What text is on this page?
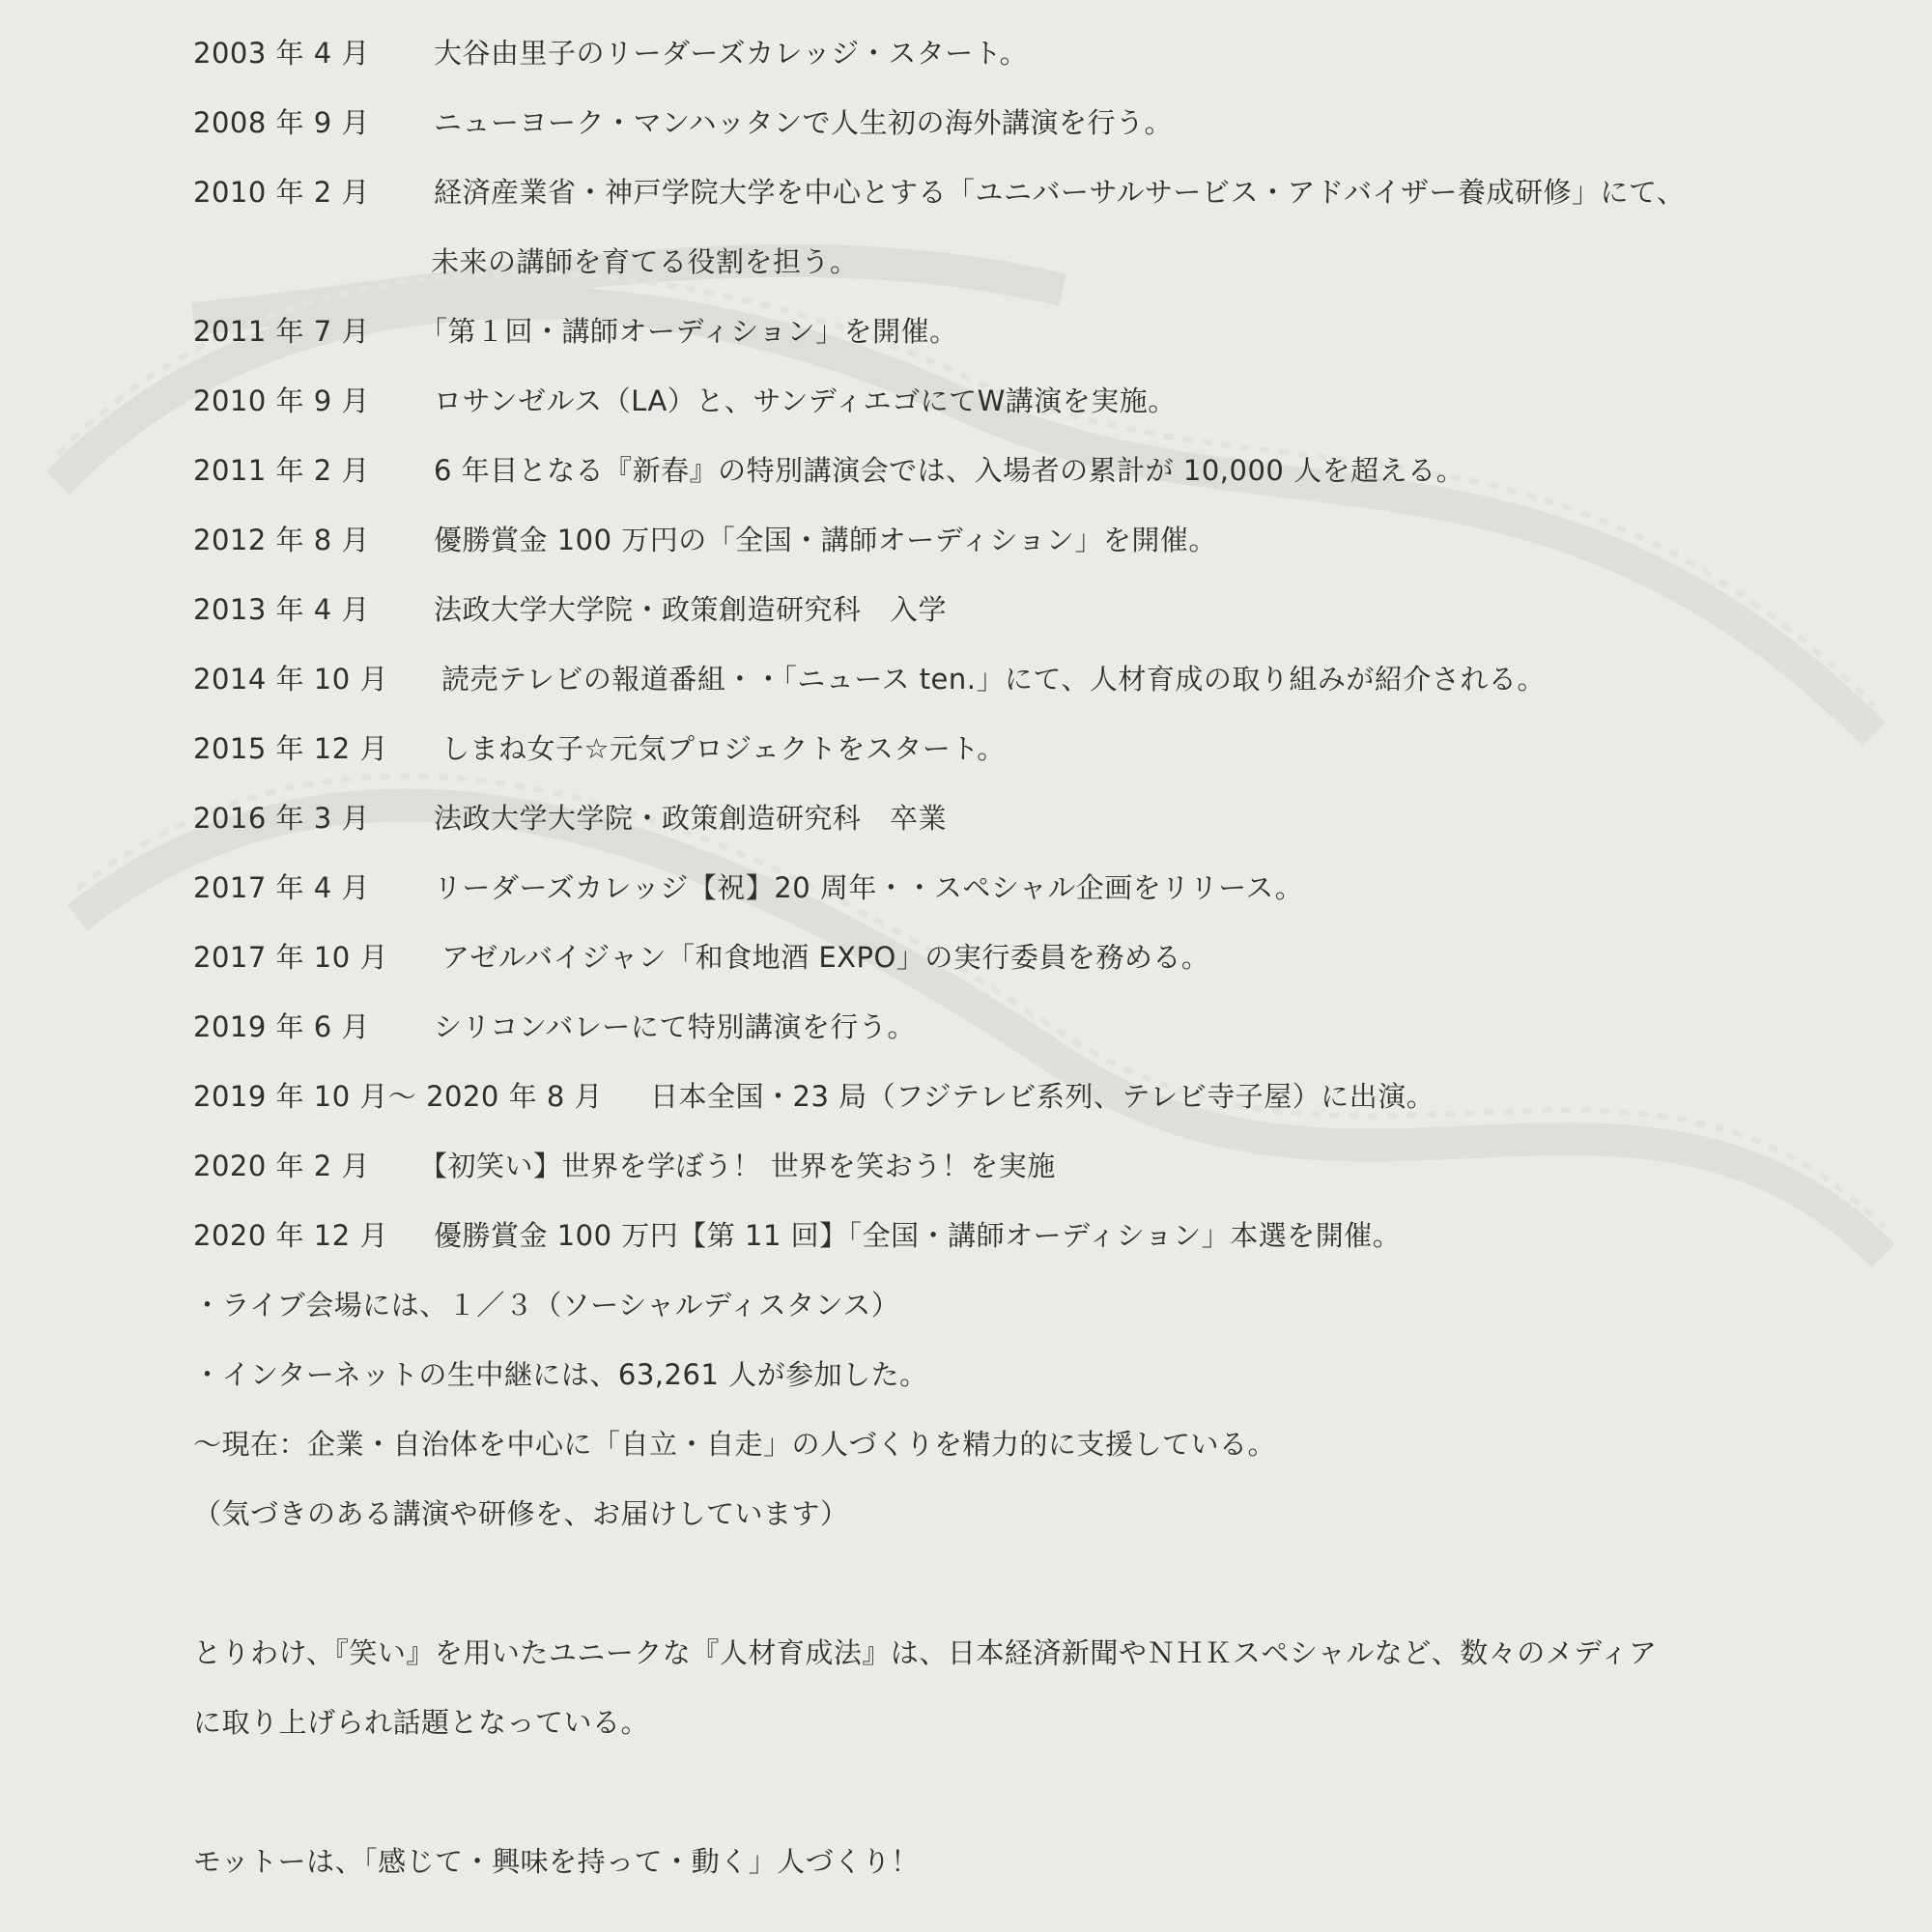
2003 年 4 月 大谷由里子のリーダーズカレッジ・スタート。
2008 年 9 月 ニューヨーク・マンハッタンで人生初の海外講演を行う。
2010 年 2 月 経済産業省・神戸学院大学を中心とする「ユニバーサルサービス・アドバイザー養成研修」にて、
未来の講師を育てる役割を担う。
2011 年 7 月 「第１回・講師オーディション」を開催。
2010 年 9 月 ロサンゼルス（LA）と、サンディエゴにてW講演を実施。
2011 年 2 月 6 年目となる『新春』の特別講演会では、入場者の累計が 10,000 人を超える。
2012 年 8 月 優勝賞金 100 万円の「全国・講師オーディション」を開催。
2013 年 4 月 法政大学大学院・政策創造研究科　入学
2014 年 10 月 読売テレビの報道番組・・「ニュース ten.」にて、人材育成の取り組みが紹介される。
2015 年 12 月 しまね女子☆元気プロジェクトをスタート。
2016 年 3 月 法政大学大学院・政策創造研究科　卒業
2017 年 4 月 リーダーズカレッジ【祝】20 周年・・スペシャル企画をリリース。
2017 年 10 月 アゼルバイジャン「和食地酒 EXPO」の実行委員を務める。
2019 年 6 月 シリコンバレーにて特別講演を行う。
2019 年 10 月〜 2020 年 8 月 日本全国・23 局（フジテレビ系列、テレビ寺子屋）に出演。
2020 年 2 月 【初笑い】世界を学ぼう！ 世界を笑おう！を実施
2020 年 12 月 優勝賞金 100 万円【第 11 回】「全国・講師オーディション」本選を開催。
・ライブ会場には、１／３（ソーシャルディスタンス）
・インターネットの生中継には、63,261 人が参加した。
〜現在：企業・自治体を中心に「自立・自走」の人づくりを精力的に支援している。
（気づきのある講演や研修を、お届けしています）
とりわけ、『笑い』を用いたユニークな『人材育成法』は、日本経済新聞やＮＨＫスペシャルなど、数々のメディア
に取り上げられ話題となっている。
モットーは、「感じて・興味を持って・動く」人づくり！
